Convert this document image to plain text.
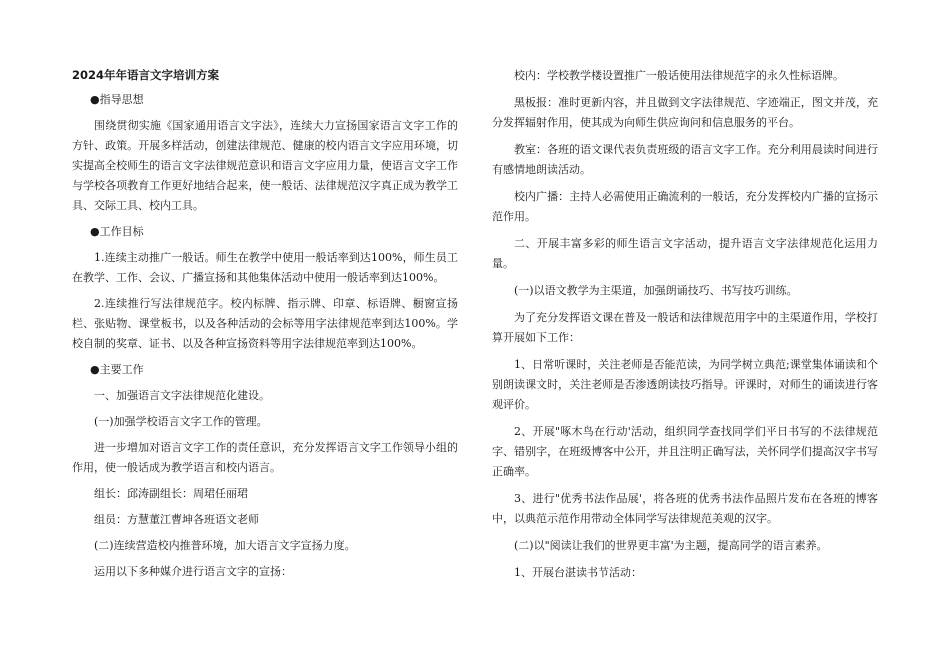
2024年年语言文字培训方案

●指导思想

围绕贯彻实施《国家通用语言文字法》，连续大力宣扬国家语言文字工作的方针、政策。开展多样活动，创建法律规范、健康的校内语言文字应用环境，切实提高全校师生的语言文字法律规范意识和语言文字应用力量，使语言文字工作与学校各项教育工作更好地结合起来，使一般话、法律规范汉字真正成为教学工具、交际工具、校内工具。

●工作目标

1.连续主动推广一般话。师生在教学中使用一般话率到达100%，师生员工在教学、工作、会议、广播宣扬和其他集体活动中使用一般话率到达100%。

2.连续推行写法律规范字。校内标牌、指示牌、印章、标语牌、橱窗宣扬栏、张贴物、课堂板书，以及各种活动的会标等用字法律规范率到达100%。学校自制的奖章、证书、以及各种宣扬资料等用字法律规范率到达100%。

●主要工作

一、加强语言文字法律规范化建设。

(一)加强学校语言文字工作的管理。

进一步增加对语言文字工作的责任意识，充分发挥语言文字工作领导小组的作用，使一般话成为教学语言和校内语言。

组长：邱涛副组长：周珺任丽珺

组员：方慧董江曹坤各班语文老师

(二)连续营造校内推普环境，加大语言文字宣扬力度。

运用以下多种媒介进行语言文字的宣扬：

校内：学校教学楼设置推广一般话使用法律规范字的永久性标语牌。

黑板报：准时更新内容，并且做到文字法律规范、字迹端正，图文并茂，充分发挥辐射作用，使其成为向师生供应询问和信息服务的平台。

教室：各班的语文课代表负责班级的语言文字工作。充分利用晨读时间进行有感情地朗读活动。

校内广播：主持人必需使用正确流利的一般话，充分发挥校内广播的宣扬示范作用。

二、开展丰富多彩的师生语言文字活动，提升语言文字法律规范化运用力量。

(一)以语文教学为主渠道，加强朗诵技巧、书写技巧训练。

为了充分发挥语文课在普及一般话和法律规范用字中的主渠道作用，学校打算开展如下工作：

1、日常听课时，关注老师是否能范读，为同学树立典范;课堂集体诵读和个别朗读课文时，关注老师是否渗透朗读技巧指导。评课时，对师生的诵读进行客观评价。

2、开展"啄木鸟在行动'活动，组织同学查找同学们平日书写的不法律规范字、错别字，在班级博客中公开，并且注明正确写法，关怀同学们提高汉字书写正确率。

3、进行"优秀书法作品展'，将各班的优秀书法作品照片发布在各班的博客中，以典范示范作用带动全体同学写法律规范美观的汉字。

(二)以"阅读让我们的世界更丰富'为主题，提高同学的语言素养。

1、开展台湛读书节活动：
